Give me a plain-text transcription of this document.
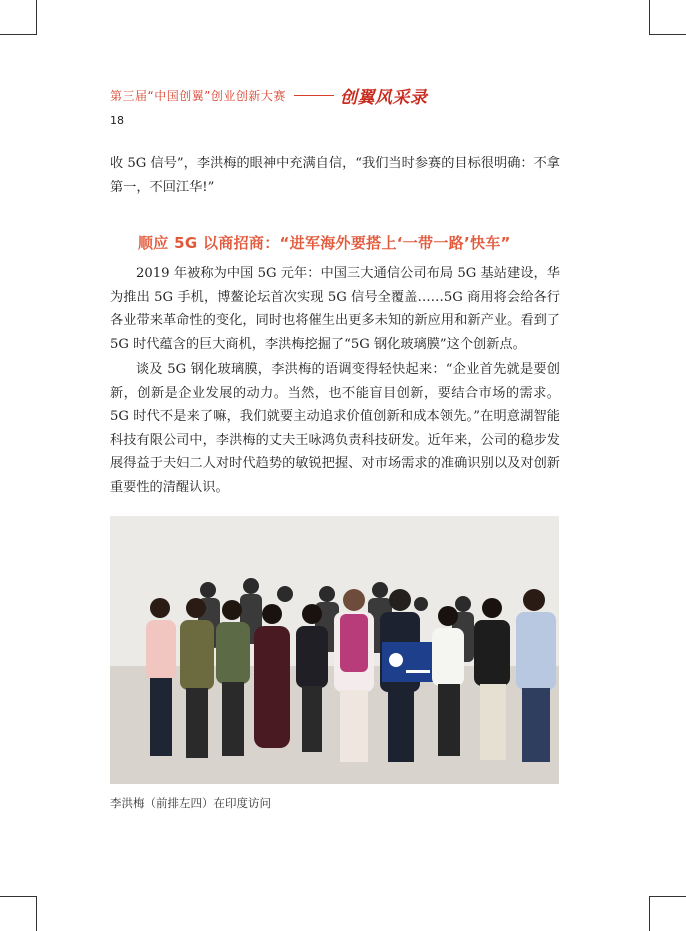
第三届“中国创翼”创业创新大赛	创翼风采录
18

收 5G 信号”，李洪梅的眼神中充满自信，“我们当时参赛的目标很明确：不拿第一，不回江华!”

顺应 5G 以商招商：“进军海外要搭上‘一带一路’快车”

2019 年被称为中国 5G 元年：中国三大通信公司布局 5G 基站建设，华为推出 5G 手机，博鳌论坛首次实现 5G 信号全覆盖……5G 商用将会给各行各业带来革命性的变化，同时也将催生出更多未知的新应用和新产业。看到了 5G 时代蕴含的巨大商机，李洪梅挖掘了“5G 钢化玻璃膜”这个创新点。

谈及 5G 钢化玻璃膜，李洪梅的语调变得轻快起来：“企业首先就是要创新，创新是企业发展的动力。当然，也不能盲目创新，要结合市场的需求。5G 时代不是来了嘛，我们就要主动追求价值创新和成本领先。”在明意湖智能科技有限公司中，李洪梅的丈夫王咏鸿负责科技研发。近年来，公司的稳步发展得益于夫妇二人对时代趋势的敏锐把握、对市场需求的准确识别以及对创新重要性的清醒认识。

李洪梅（前排左四）在印度访问
